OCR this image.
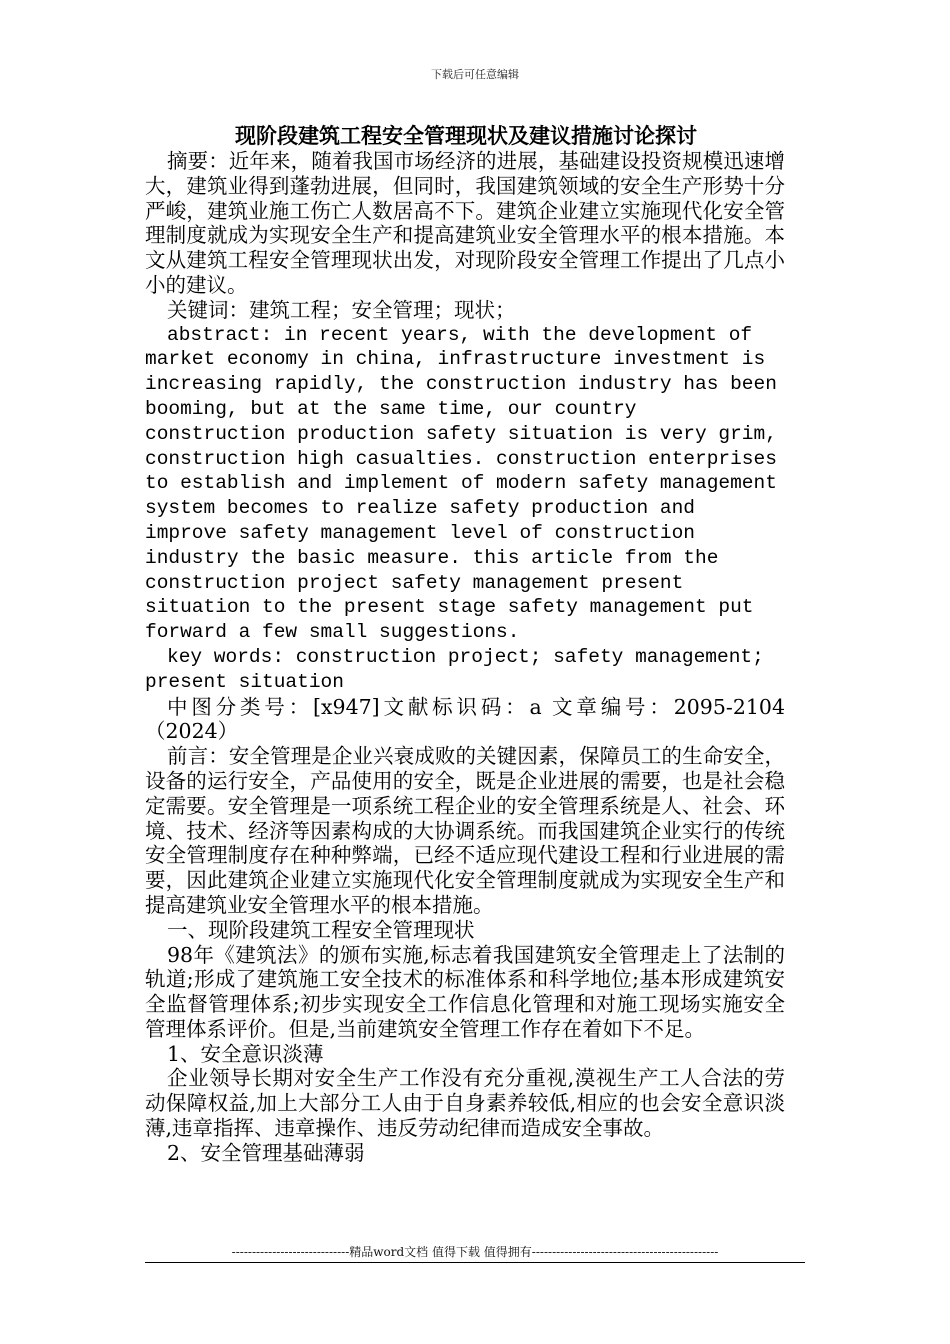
下载后可任意编辑
现阶段建筑工程安全管理现状及建议措施讨论探讨

摘要：近年来，随着我国市场经济的进展，基础建设投资规模迅速增大，建筑业得到蓬勃进展，但同时，我国建筑领域的安全生产形势十分严峻，建筑业施工伤亡人数居高不下。建筑企业建立实施现代化安全管理制度就成为实现安全生产和提高建筑业安全管理水平的根本措施。本文从建筑工程安全管理现状出发，对现阶段安全管理工作提出了几点小小的建议。

关键词：建筑工程；安全管理；现状；

abstract: in recent years, with the development of market economy in china, infrastructure investment is increasing rapidly, the construction industry has been booming, but at the same time, our country construction production safety situation is very grim, construction high casualties. construction enterprises to establish and implement of modern safety management system becomes to realize safety production and improve safety management level of construction industry the basic measure. this article from the construction project safety management present situation to the present stage safety management put forward a few small suggestions.

key words: construction project; safety management; present situation

中图分类号：[x947]文献标识码：a 文章编号：2095-2104（2024）

前言：安全管理是企业兴衰成败的关键因素，保障员工的生命安全，设备的运行安全，产品使用的安全，既是企业进展的需要，也是社会稳定需要。安全管理是一项系统工程企业的安全管理系统是人、社会、环境、技术、经济等因素构成的大协调系统。而我国建筑企业实行的传统安全管理制度存在种种弊端，已经不适应现代建设工程和行业进展的需要，因此建筑企业建立实施现代化安全管理制度就成为实现安全生产和提高建筑业安全管理水平的根本措施。

一、现阶段建筑工程安全管理现状

98年《建筑法》的颁布实施,标志着我国建筑安全管理走上了法制的轨道;形成了建筑施工安全技术的标准体系和科学地位;基本形成建筑安全监督管理体系;初步实现安全工作信息化管理和对施工现场实施安全管理体系评价。但是,当前建筑安全管理工作存在着如下不足。

1、安全意识淡薄

企业领导长期对安全生产工作没有充分重视,漠视生产工人合法的劳动保障权益,加上大部分工人由于自身素养较低,相应的也会安全意识淡薄,违章指挥、违章操作、违反劳动纪律而造成安全事故。

2、安全管理基础薄弱

-----------------------------精品word文档 值得下载 值得拥有----------------------------------------------
